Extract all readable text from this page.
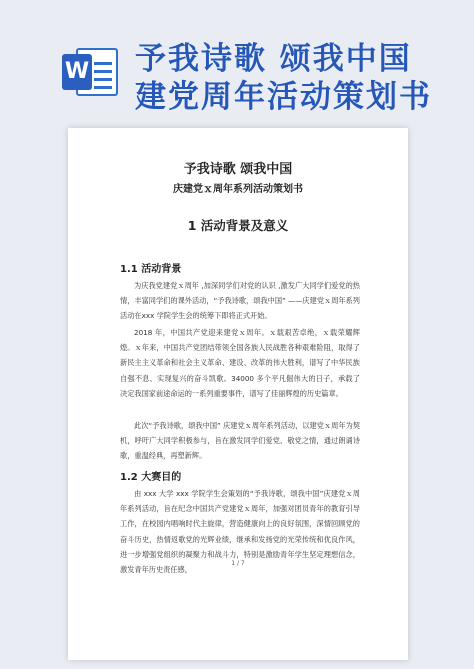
W 予我诗歌 颂我中国
建党周年活动策划书
予我诗歌 颂我中国
庆建党ｘ周年系列活动策划书
1 活动背景及意义
1.1 活动背景
为庆我党建党ｘ周年 ,加深同学们对党的认识 ,激发广大同学们爱党的热情，丰富同学们的课外活动，“予我诗歌，颂我中国” ——庆建党ｘ周年系列活动在xxx 学院学生会的统筹下即将正式开始。
2018 年，中国共产党迎来建党ｘ周年。ｘ载艰苦卓绝，ｘ载荣耀辉煌。ｘ年来，中国共产党团结带领全国各族人民战胜各种艰难险阻，取得了新民主主义革命和社会主义革命、建设、改革的伟大胜利，谱写了中华民族自强不息、实现复兴的奋斗凯歌。34000 多个平凡倔伟大的日子，承载了决定我国家前途命运的一系列重要事件，谱写了佳丽辉煌的历史篇章。
此次“予我诗歌，颂我中国” 庆建党ｘ周年系列活动，以建党ｘ周年为契机，呼吁广大同学积极参与，旨在激发同学们爱党、敬党之情，通过朗诵诗歌，重温经典，再塑新辉。
1.2 大赛目的
由 xxx 大学 xxx 学院学生会策划的“予我诗歌，颂我中国”庆建党ｘ周年系列活动，旨在纪念中国共产党建党ｘ周年，加强对团员青年的教育引导工作，在校园内唱响时代主旋律，营造健康向上的良好氛围，深情回顾党的奋斗历史，热情返歌党的光辉业绩，继承和发扬党的光荣传统和优良作风，进一步增强党组织的凝聚力和战斗力，特别是激励青年学生坚定理想信念，激发青年历史责任感，
1 / 7
